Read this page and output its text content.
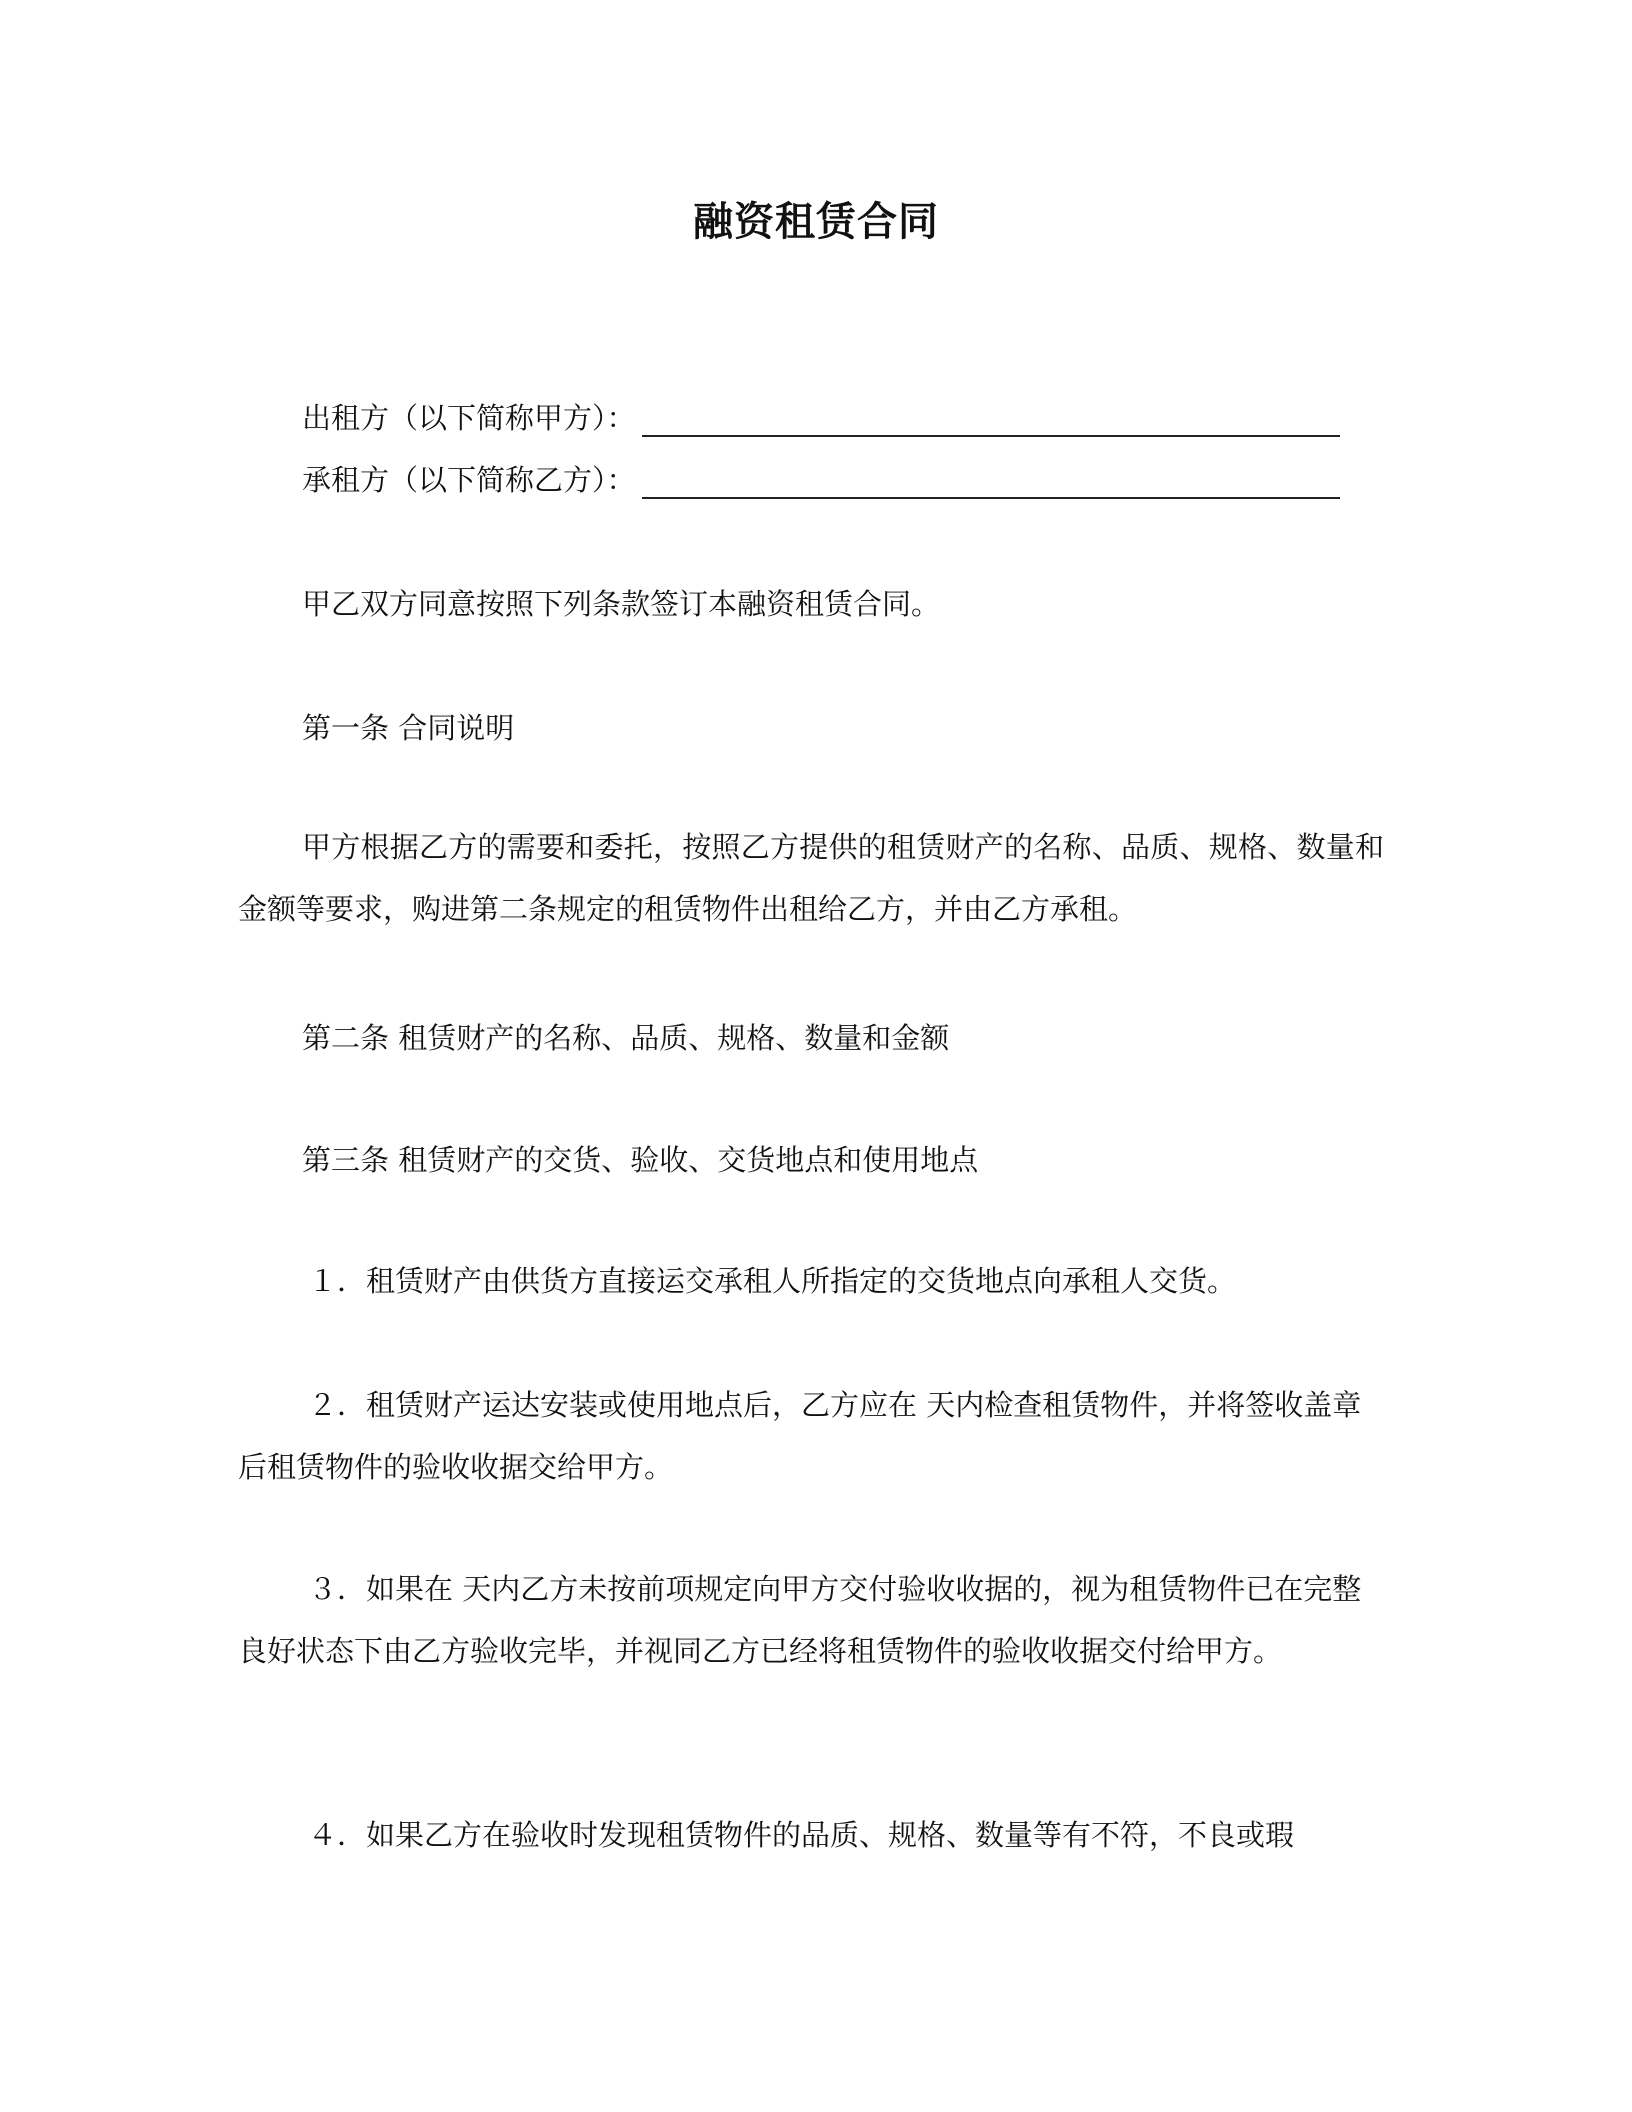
融资租赁合同
出租方（以下简称甲方）：
承租方（以下简称乙方）：
甲乙双方同意按照下列条款签订本融资租赁合同。
第一条 合同说明
甲方根据乙方的需要和委托，按照乙方提供的租赁财产的名称、品质、规格、数量和金额等要求，购进第二条规定的租赁物件出租给乙方，并由乙方承租。
第二条 租赁财产的名称、品质、规格、数量和金额
第三条 租赁财产的交货、验收、交货地点和使用地点
１．租赁财产由供货方直接运交承租人所指定的交货地点向承租人交货。
２．租赁财产运达安装或使用地点后，乙方应在 天内检查租赁物件，并将签收盖章后租赁物件的验收收据交给甲方。
３．如果在 天内乙方未按前项规定向甲方交付验收收据的，视为租赁物件已在完整良好状态下由乙方验收完毕，并视同乙方已经将租赁物件的验收收据交付给甲方。
４．如果乙方在验收时发现租赁物件的品质、规格、数量等有不符，不良或瑕
